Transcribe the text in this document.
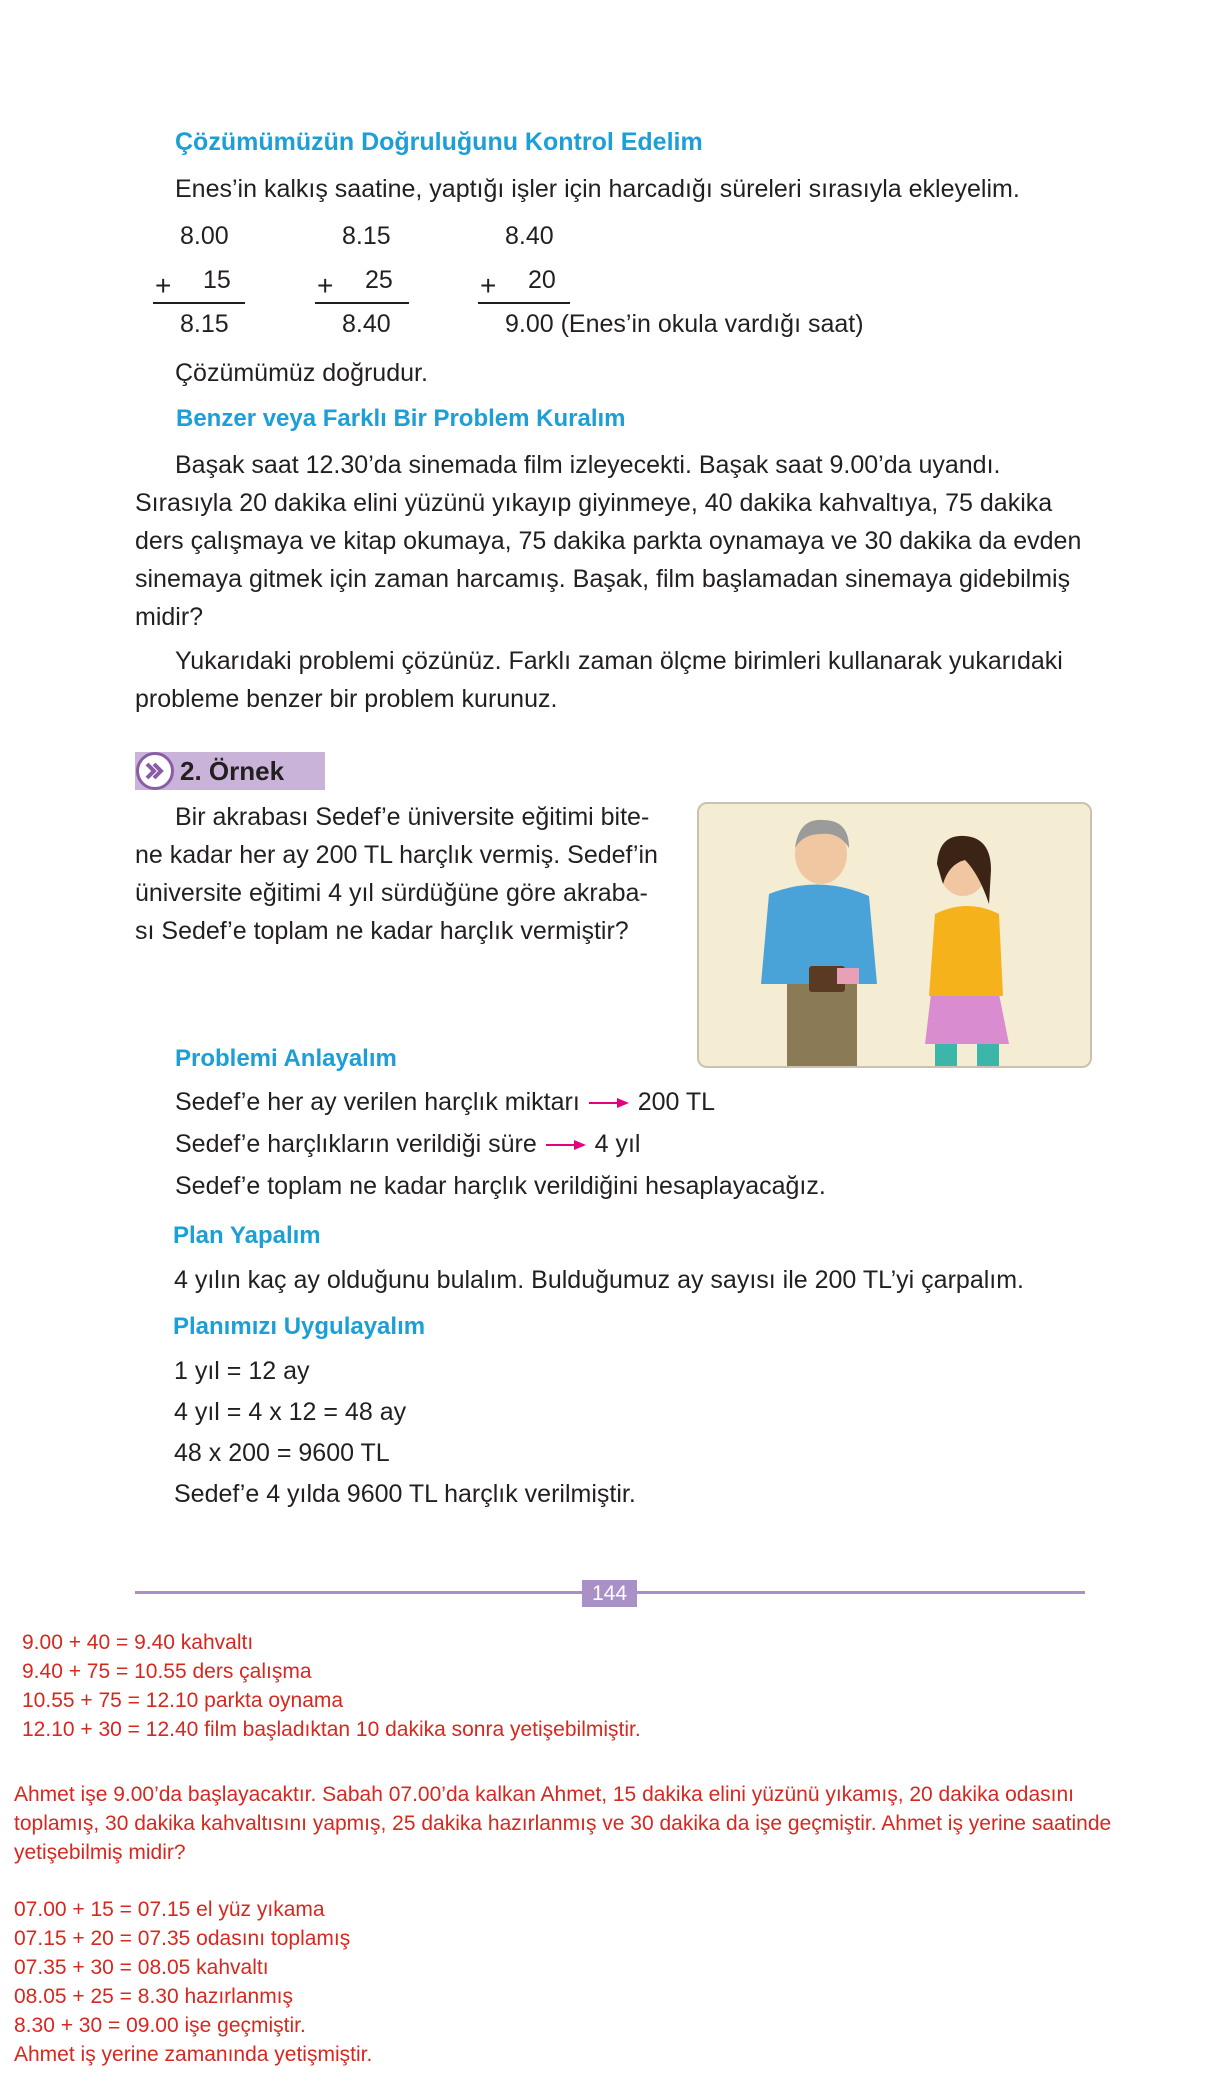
Çözümümüzün Doğruluğunu Kontrol Edelim
Enes’in kalkış saatine, yaptığı işler için harcadığı süreleri sırasıyla ekleyelim.
8.00
+ 15
8.15
8.15
+ 25
8.40
8.40
+ 20
9.00 (Enes’in okula vardığı saat)
Çözümümüz doğrudur.
Benzer veya Farklı Bir Problem Kuralım
Başak saat 12.30’da sinemada film izleyecekti. Başak saat 9.00’da uyandı.
Sırasıyla 20 dakika elini yüzünü yıkayıp giyinmeye, 40 dakika kahvaltıya, 75 dakika
ders çalışmaya ve kitap okumaya, 75 dakika parkta oynamaya ve 30 dakika da evden
sinemaya gitmek için zaman harcamış. Başak, film başlamadan sinemaya gidebilmiş
midir?
Yukarıdaki problemi çözünüz. Farklı zaman ölçme birimleri kullanarak yukarıdaki
probleme benzer bir problem kurunuz.
2. Örnek
Bir akrabası Sedef’e üniversite eğitimi bite-
ne kadar her ay 200 TL harçlık vermiş. Sedef’in
üniversite eğitimi 4 yıl sürdüğüne göre akraba-
sı Sedef’e toplam ne kadar harçlık vermiştir?
Problemi Anlayalım
Sedef’e her ay verilen harçlık miktarı 200 TL
Sedef’e harçlıkların verildiği süre 4 yıl
Sedef’e toplam ne kadar harçlık verildiğini hesaplayacağız.
Plan Yapalım
4 yılın kaç ay olduğunu bulalım. Bulduğumuz ay sayısı ile 200 TL’yi çarpalım.
Planımızı Uygulayalım
1 yıl = 12 ay
4 yıl = 4 x 12 = 48 ay
48 x 200 = 9600 TL
Sedef’e 4 yılda 9600 TL harçlık verilmiştir.
144
9.00 + 40 = 9.40 kahvaltı
9.40 + 75 = 10.55 ders çalışma
10.55 + 75 = 12.10 parkta oynama
12.10 + 30 = 12.40 film başladıktan 10 dakika sonra yetişebilmiştir.
Ahmet işe 9.00’da başlayacaktır. Sabah 07.00’da kalkan Ahmet, 15 dakika elini yüzünü yıkamış, 20 dakika odasını
toplamış, 30 dakika kahvaltısını yapmış, 25 dakika hazırlanmış ve 30 dakika da işe geçmiştir. Ahmet iş yerine saatinde
yetişebilmiş midir?
07.00 + 15 = 07.15 el yüz yıkama
07.15 + 20 = 07.35 odasını toplamış
07.35 + 30 = 08.05 kahvaltı
08.05 + 25 = 8.30 hazırlanmış
8.30 + 30 = 09.00 işe geçmiştir.
Ahmet iş yerine zamanında yetişmiştir.
